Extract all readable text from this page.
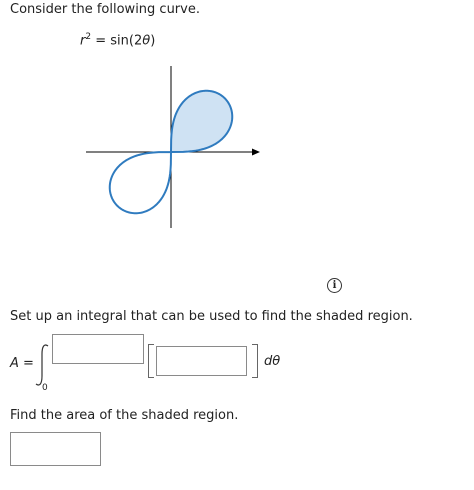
Consider the following curve.
$r^2 = \sin(2\theta)$
i
Set up an integral that can be used to find the shaded region.
A =
0
dθ
Find the area of the shaded region.
